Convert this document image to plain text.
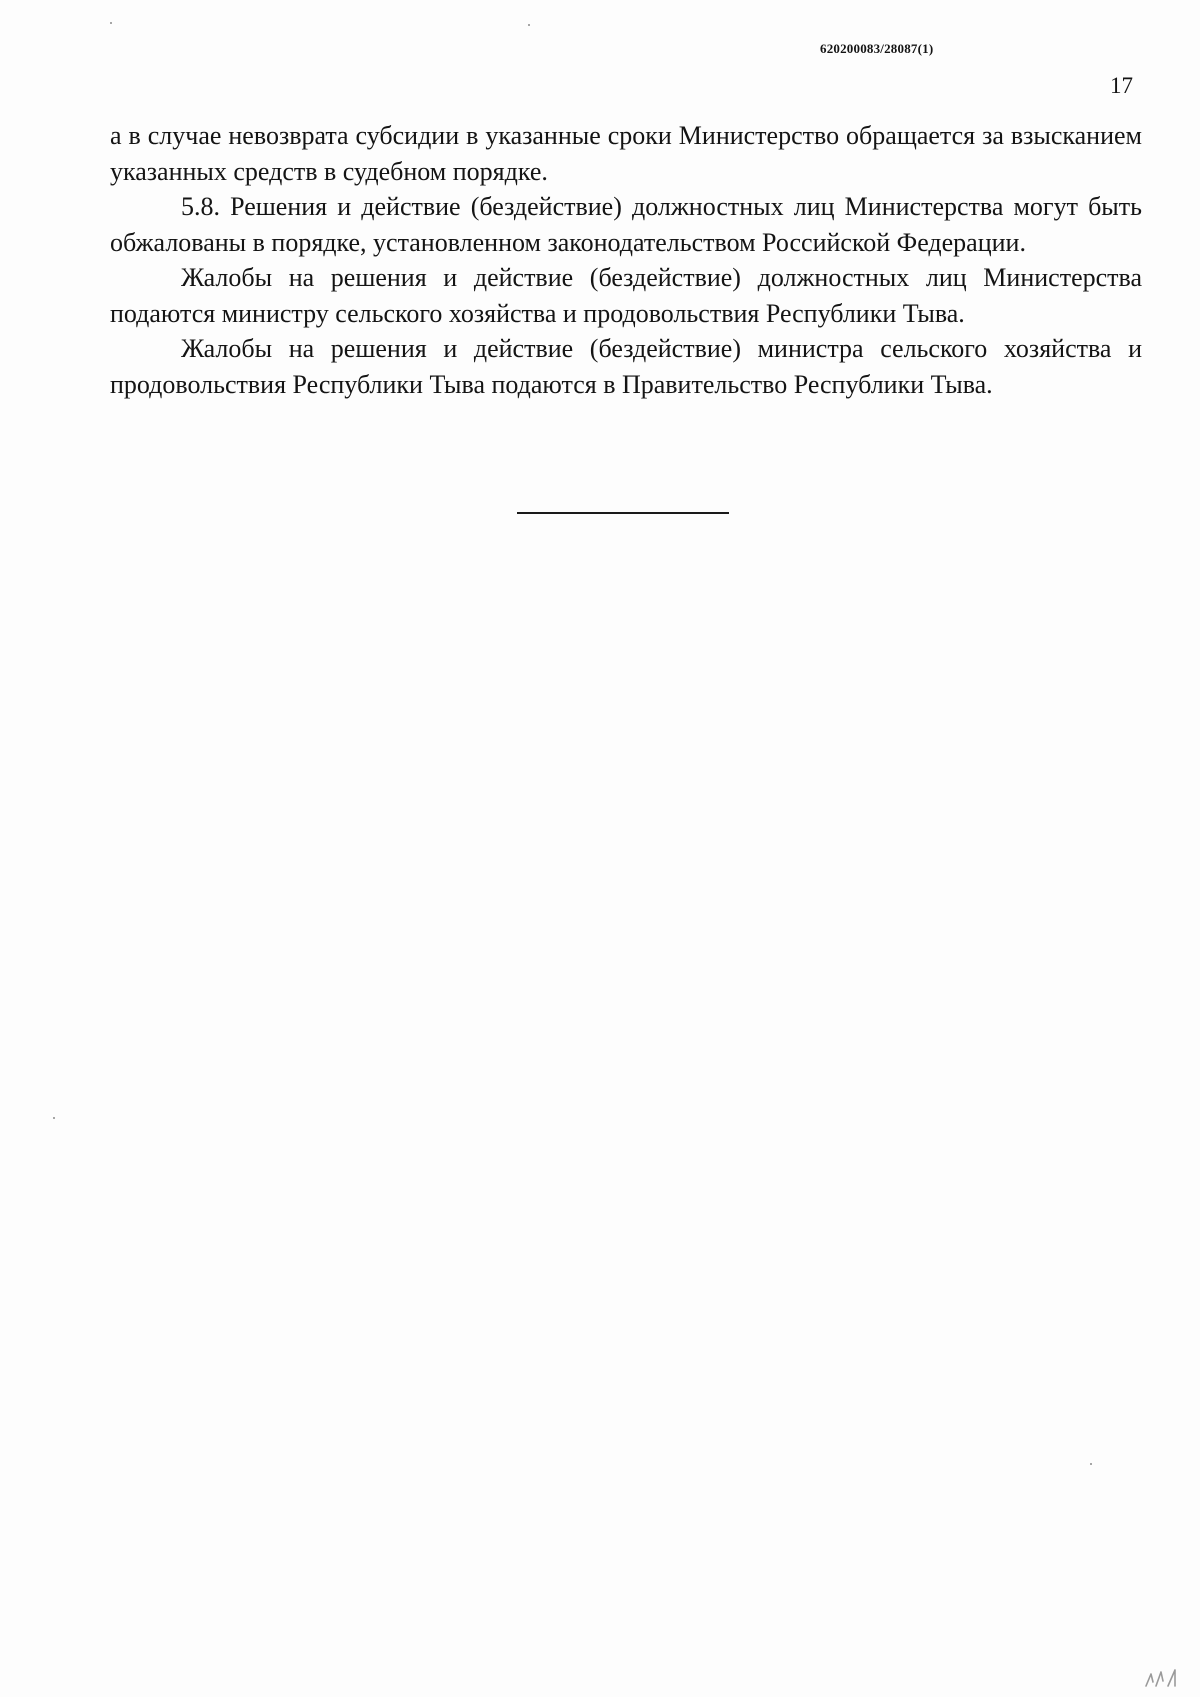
620200083/28087(1)
17

а в случае невозврата субсидии в указанные сроки Министерство обращается за взысканием указанных средств в судебном порядке.

5.8. Решения и действие (бездействие) должностных лиц Министерства могут быть обжалованы в порядке, установленном законодательством Российской Федерации.

Жалобы на решения и действие (бездействие) должностных лиц Министерства подаются министру сельского хозяйства и продовольствия Республики Тыва.

Жалобы на решения и действие (бездействие) министра сельского хозяйства и продовольствия Республики Тыва подаются в Правительство Республики Тыва.
